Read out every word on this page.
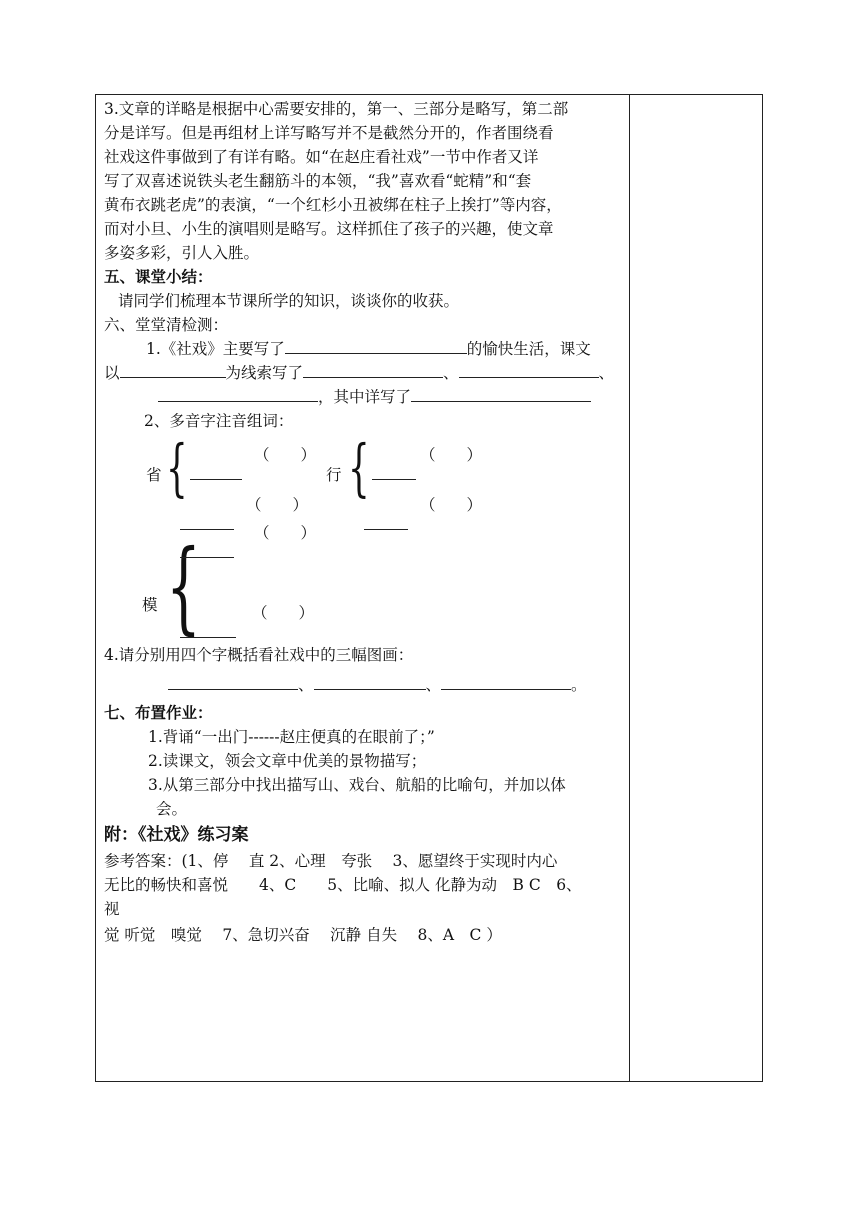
3.文章的详略是根据中心需要安排的，第一、三部分是略写，第二部
分是详写。但是再组材上详写略写并不是截然分开的，作者围绕看
社戏这件事做到了有详有略。如“在赵庄看社戏”一节中作者又详
写了双喜述说铁头老生翻筋斗的本领，“我”喜欢看“蛇精”和“套
黄布衣跳老虎”的表演，“一个红杉小丑被绑在柱子上挨打”等内容，
而对小旦、小生的演唱则是略写。这样抓住了孩子的兴趣，使文章
多姿多彩，引人入胜。
五、课堂小结：
请同学们梳理本节课所学的知识，谈谈你的收获。
六、堂堂清检测：
1.《社戏》主要写了	的愉快生活，课文
以	为线索写了	、	、
，其中详写了
2、多音字注音组词：
省 {	（　　）
（　　）
行 {	（　　）
（　　）
模 {	（　　）
（　　）
4.请分别用四个字概括看社戏中的三幅图画：
、	、	。
七、布置作业：
1.背诵“一出门------赵庄便真的在眼前了；”
2.读课文，领会文章中优美的景物描写；
3.从第三部分中找出描写山、戏台、航船的比喻句，并加以体
会。
附：《社戏》练习案
参考答案：(1、停　 直 2、心理　夸张　 3、愿望终于实现时内心
无比的畅快和喜悦　　4、C　　5、比喻、拟人 化静为动　B C　6、
视
觉 听觉　嗅觉　 7、急切兴奋　 沉静 自失　 8、A　C ）
